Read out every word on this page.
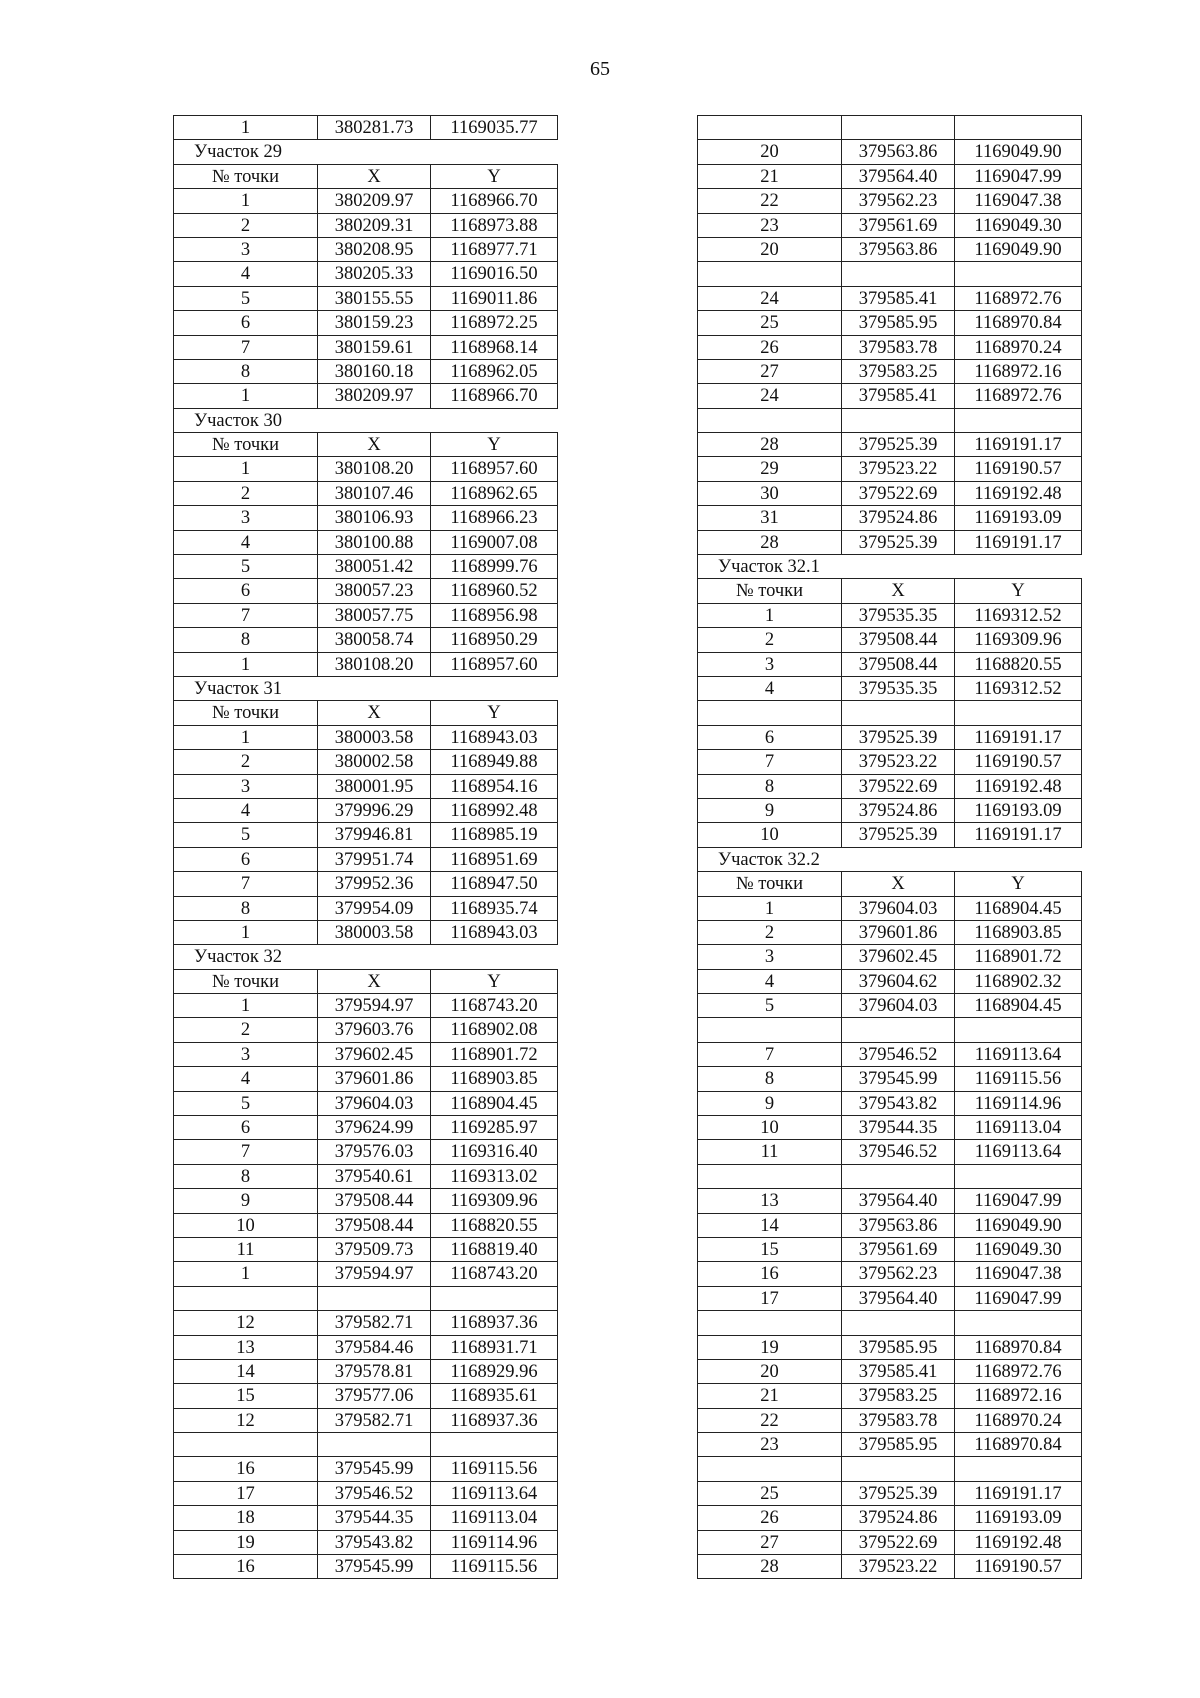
65
1	380281.73	1169035.77
Участок 29
№ точки	X	Y
1	380209.97	1168966.70
2	380209.31	1168973.88
3	380208.95	1168977.71
4	380205.33	1169016.50
5	380155.55	1169011.86
6	380159.23	1168972.25
7	380159.61	1168968.14
8	380160.18	1168962.05
1	380209.97	1168966.70
Участок 30
№ точки	X	Y
1	380108.20	1168957.60
2	380107.46	1168962.65
3	380106.93	1168966.23
4	380100.88	1169007.08
5	380051.42	1168999.76
6	380057.23	1168960.52
7	380057.75	1168956.98
8	380058.74	1168950.29
1	380108.20	1168957.60
Участок 31
№ точки	X	Y
1	380003.58	1168943.03
2	380002.58	1168949.88
3	380001.95	1168954.16
4	379996.29	1168992.48
5	379946.81	1168985.19
6	379951.74	1168951.69
7	379952.36	1168947.50
8	379954.09	1168935.74
1	380003.58	1168943.03
Участок 32
№ точки	X	Y
1	379594.97	1168743.20
2	379603.76	1168902.08
3	379602.45	1168901.72
4	379601.86	1168903.85
5	379604.03	1168904.45
6	379624.99	1169285.97
7	379576.03	1169316.40
8	379540.61	1169313.02
9	379508.44	1169309.96
10	379508.44	1168820.55
11	379509.73	1168819.40
1	379594.97	1168743.20
12	379582.71	1168937.36
13	379584.46	1168931.71
14	379578.81	1168929.96
15	379577.06	1168935.61
12	379582.71	1168937.36
16	379545.99	1169115.56
17	379546.52	1169113.64
18	379544.35	1169113.04
19	379543.82	1169114.96
16	379545.99	1169115.56
20	379563.86	1169049.90
21	379564.40	1169047.99
22	379562.23	1169047.38
23	379561.69	1169049.30
20	379563.86	1169049.90
24	379585.41	1168972.76
25	379585.95	1168970.84
26	379583.78	1168970.24
27	379583.25	1168972.16
24	379585.41	1168972.76
28	379525.39	1169191.17
29	379523.22	1169190.57
30	379522.69	1169192.48
31	379524.86	1169193.09
28	379525.39	1169191.17
Участок 32.1
№ точки	X	Y
1	379535.35	1169312.52
2	379508.44	1169309.96
3	379508.44	1168820.55
4	379535.35	1169312.52
6	379525.39	1169191.17
7	379523.22	1169190.57
8	379522.69	1169192.48
9	379524.86	1169193.09
10	379525.39	1169191.17
Участок 32.2
№ точки	X	Y
1	379604.03	1168904.45
2	379601.86	1168903.85
3	379602.45	1168901.72
4	379604.62	1168902.32
5	379604.03	1168904.45
7	379546.52	1169113.64
8	379545.99	1169115.56
9	379543.82	1169114.96
10	379544.35	1169113.04
11	379546.52	1169113.64
13	379564.40	1169047.99
14	379563.86	1169049.90
15	379561.69	1169049.30
16	379562.23	1169047.38
17	379564.40	1169047.99
19	379585.95	1168970.84
20	379585.41	1168972.76
21	379583.25	1168972.16
22	379583.78	1168970.24
23	379585.95	1168970.84
25	379525.39	1169191.17
26	379524.86	1169193.09
27	379522.69	1169192.48
28	379523.22	1169190.57
